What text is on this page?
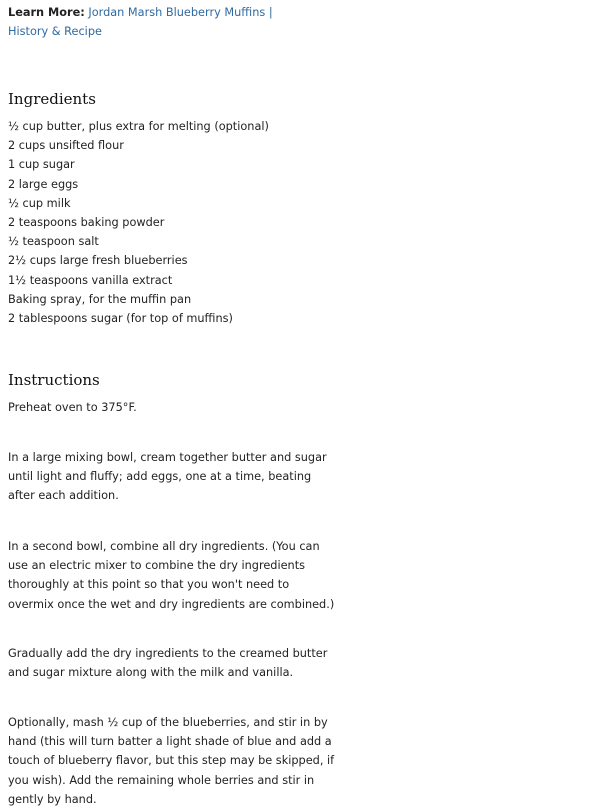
Learn More: Jordan Marsh Blueberry Muffins | History & Recipe
Ingredients
½ cup butter, plus extra for melting (optional)
2 cups unsifted flour
1 cup sugar
2 large eggs
½ cup milk
2 teaspoons baking powder
½ teaspoon salt
2½ cups large fresh blueberries
1½ teaspoons vanilla extract
Baking spray, for the muffin pan
2 tablespoons sugar (for top of muffins)
Instructions

Preheat oven to 375°F.

In a large mixing bowl, cream together butter and sugar until light and fluffy; add eggs, one at a time, beating after each addition.

In a second bowl, combine all dry ingredients. (You can use an electric mixer to combine the dry ingredients thoroughly at this point so that you won't need to overmix once the wet and dry ingredients are combined.)

Gradually add the dry ingredients to the creamed butter and sugar mixture along with the milk and vanilla.

Optionally, mash ½ cup of the blueberries, and stir in by hand (this will turn batter a light shade of blue and add a touch of blueberry flavor, but this step may be skipped, if you wish). Add the remaining whole berries and stir in gently by hand.
